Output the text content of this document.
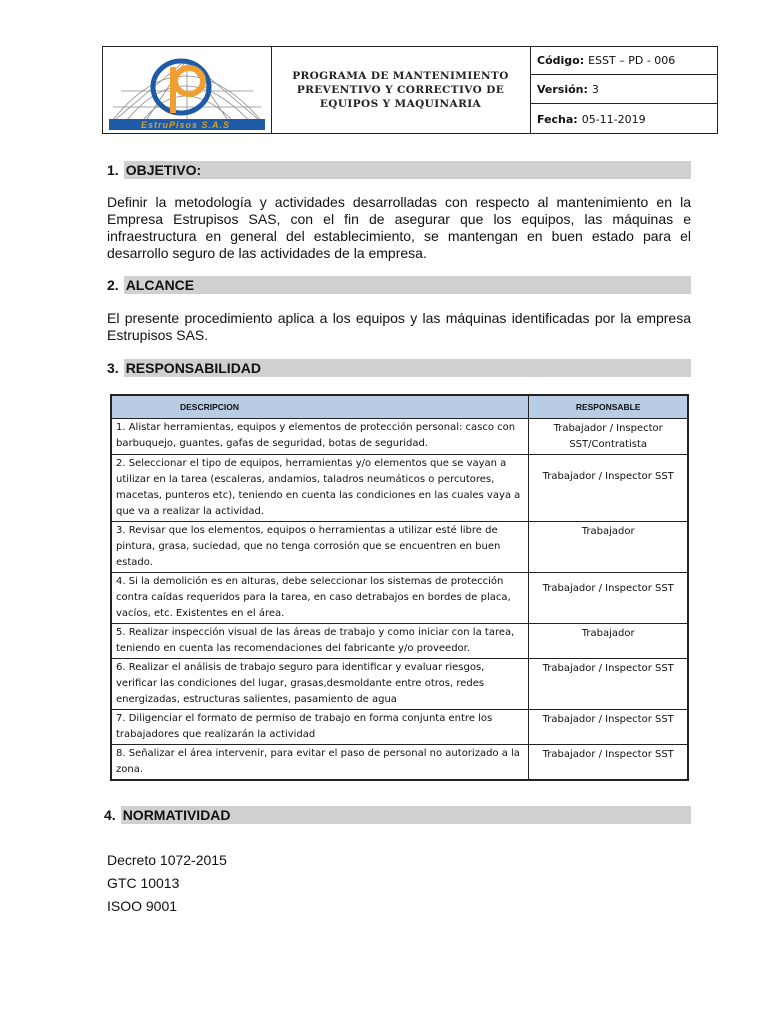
EstruPisos S.A.S
PROGRAMA DE MANTENIMIENTO
PREVENTIVO Y CORRECTIVO DE
EQUIPOS Y MAQUINARIA
Código: ESST – PD - 006
Versión: 3
Fecha: 05-11-2019
1. OBJETIVO:
Definir la metodología y actividades desarrolladas con respecto al mantenimiento en la Empresa Estrupisos SAS, con el fin de asegurar que los equipos, las máquinas e infraestructura en general del establecimiento, se mantengan en buen estado para el desarrollo seguro de las actividades de la empresa.
2. ALCANCE
El presente procedimiento aplica a los equipos y las máquinas identificadas por la empresa Estrupisos SAS.
3. RESPONSABILIDAD
DESCRIPCION	RESPONSABLE
1. Alistar herramientas, equipos y elementos de protección personal: casco con barbuquejo, guantes, gafas de seguridad, botas de seguridad.	Trabajador / Inspector SST/Contratista
2. Seleccionar el tipo de equipos, herramientas y/o elementos que se vayan a utilizar en la tarea (escaleras, andamios, taladros neumáticos o percutores, macetas, punteros etc), teniendo en cuenta las condiciones en las cuales vaya a que va a realizar la actividad.	Trabajador / Inspector SST
3. Revisar que los elementos, equipos o herramientas a utilizar esté libre de pintura, grasa, suciedad, que no tenga corrosión que se encuentren en buen estado.	Trabajador
4. Si la demolición es en alturas, debe seleccionar los sistemas de protección contra caídas requeridos para la tarea, en caso detrabajos en bordes de placa, vacíos, etc. Existentes en el área.	Trabajador / Inspector SST
5. Realizar inspección visual de las áreas de trabajo y como iniciar con la tarea, teniendo en cuenta las recomendaciones del fabricante y/o proveedor.	Trabajador
6. Realizar el análisis de trabajo seguro para identificar y evaluar riesgos, verificar las condiciones del lugar, grasas,desmoldante entre otros, redes energizadas, estructuras salientes, pasamiento de agua	Trabajador / Inspector SST
7. Diligenciar el formato de permiso de trabajo en forma conjunta entre los trabajadores que realizarán la actividad	Trabajador / Inspector SST
8. Señalizar el área intervenir, para evitar el paso de personal no autorizado a la zona.	Trabajador / Inspector SST
4. NORMATIVIDAD
Decreto 1072-2015
GTC 10013
ISOO 9001
